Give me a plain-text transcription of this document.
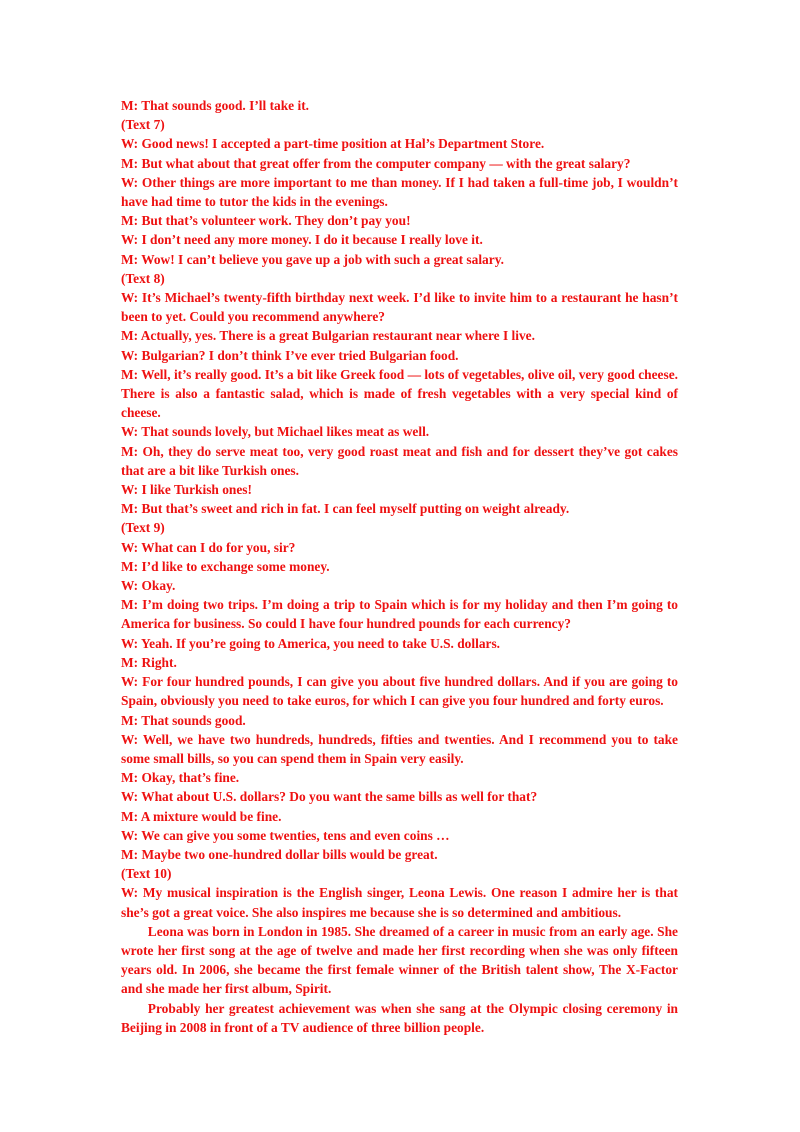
M: That sounds good. I’ll take it.

(Text 7)

W: Good news! I accepted a part-time position at Hal’s Department Store.

M: But what about that great offer from the computer company — with the great salary?

W: Other things are more important to me than money. If I had taken a full-time job, I wouldn’t have had time to tutor the kids in the evenings.

M: But that’s volunteer work. They don’t pay you!

W: I don’t need any more money. I do it because I really love it.

M: Wow! I can’t believe you gave up a job with such a great salary.

(Text 8)

W: It’s Michael’s twenty-fifth birthday next week. I’d like to invite him to a restaurant he hasn’t been to yet. Could you recommend anywhere?

M: Actually, yes. There is a great Bulgarian restaurant near where I live.

W: Bulgarian? I don’t think I’ve ever tried Bulgarian food.

M: Well, it’s really good. It’s a bit like Greek food — lots of vegetables, olive oil, very good cheese. There is also a fantastic salad, which is made of fresh vegetables with a very special kind of cheese.

W: That sounds lovely, but Michael likes meat as well.

M: Oh, they do serve meat too, very good roast meat and fish and for dessert they’ve got cakes that are a bit like Turkish ones.

W: I like Turkish ones!

M: But that’s sweet and rich in fat. I can feel myself putting on weight already.

(Text 9)

W: What can I do for you, sir?

M: I’d like to exchange some money.

W: Okay.

M: I’m doing two trips. I’m doing a trip to Spain which is for my holiday and then I’m going to America for business. So could I have four hundred pounds for each currency?

W: Yeah. If you’re going to America, you need to take U.S. dollars.

M: Right.

W: For four hundred pounds, I can give you about five hundred dollars. And if you are going to Spain, obviously you need to take euros, for which I can give you four hundred and forty euros.

M: That sounds good.

W: Well, we have two hundreds, hundreds, fifties and twenties. And I recommend you to take some small bills, so you can spend them in Spain very easily.

M: Okay, that’s fine.

W: What about U.S. dollars? Do you want the same bills as well for that?

M: A mixture would be fine.

W: We can give you some twenties, tens and even coins …

M: Maybe two one-hundred dollar bills would be great.

(Text 10)

W: My musical inspiration is the English singer, Leona Lewis. One reason I admire her is that she’s got a great voice. She also inspires me because she is so determined and ambitious.

Leona was born in London in 1985. She dreamed of a career in music from an early age. She wrote her first song at the age of twelve and made her first recording when she was only fifteen years old. In 2006, she became the first female winner of the British talent show, The X-Factor and she made her first album, Spirit.

Probably her greatest achievement was when she sang at the Olympic closing ceremony in Beijing in 2008 in front of a TV audience of three billion people.
